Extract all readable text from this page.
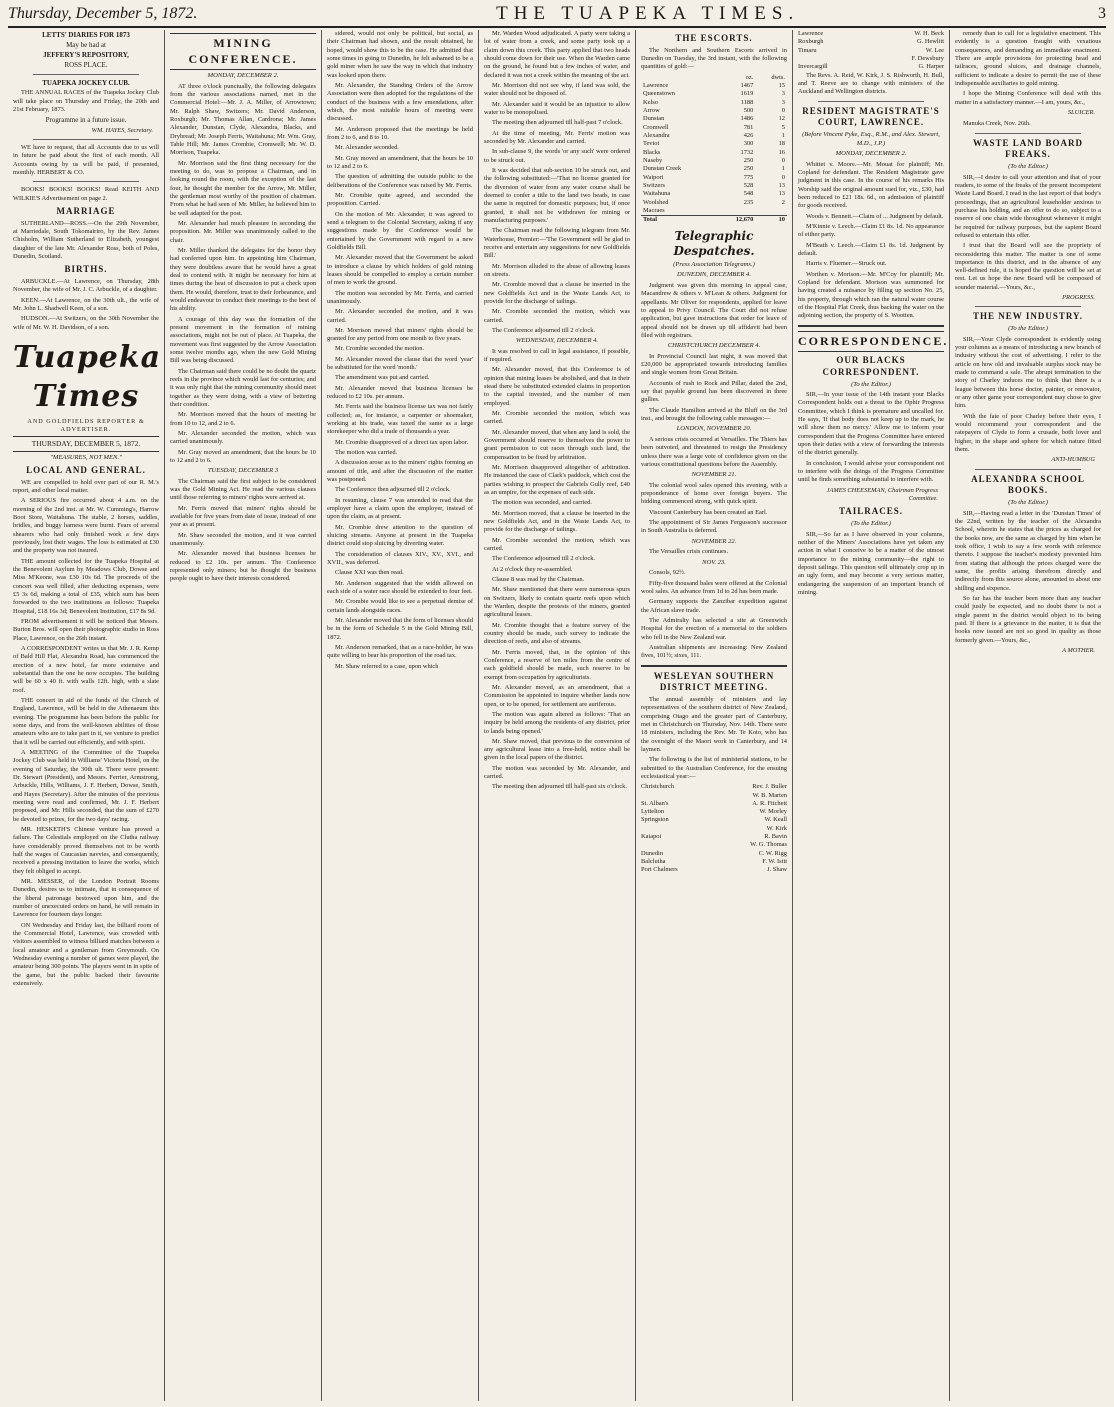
Thursday, December 5, 1872.	THE TUAPEKA TIMES.	3
LETTS' DIARIES FOR 1873
May be had at
JEFFERY'S REPOSITORY,
ROSS PLACE.
TUAPEKA JOCKEY CLUB.

THE ANNUAL RACES of the Tuapeka Jockey Club will take place on Thursday and Friday, the 20th and 21st February, 1873.

Programme in a future issue.
WM. HAYES, Secretary.

WE have to request, that all Accounts due to us will in future be paid about the first of each month. All Accounts owing by us will be paid, if presented, monthly. HERBERT & CO.

BOOKS! BOOKS! BOOKS! Read KEITH AND WILKIE'S Advertisement on page 2.

MARRIAGE

SUTHERLAND—ROSS.—On the 29th November, at Marriedale, South Tokomairiro, by the Rev. James Chisholm, William Sutherland to Elizabeth, youngest daughter of the late Mr. Alexander Ross, both of Poles, Dunedin, Scotland.

BIRTHS.

ARBUCKLE.—At Lawrence, on Thursday, 28th November, the wife of Mr. J. C. Arbuckle, of a daughter.

KEEN.—At Lawrence, on the 30th ult., the wife of Mr. John L. Shadwell Keen, of a son.

HUDSON.—At Switzers, on the 30th November the wife of Mr. W. H. Davidson, of a son.

Tuapeka Times
AND GOLDFIELDS REPORTER & ADVERTISER.
THURSDAY, DECEMBER 5, 1872.
"MEASURES, NOT MEN."
LOCAL AND GENERAL.

WE are compelled to hold over part of our R. M.'s report, and other local matter.

A SERIOUS fire occurred about 4 a.m. on the morning of the 2nd inst. at Mr. W. Cumming's, Harrow Boot Store, Waitahuna. The stable, 2 horses, saddles, bridles, and buggy harness were burnt. Fears of several shearers who had only finished work a few days previously, lost their wages. The loss is estimated at £30 and the property was not insured.

THE amount collected for the Tuapeka Hospital at the Benevolent Asylum by Meadows Club, Dowse and Miss M'Keone, was £30 10s 6d. The proceeds of the concert was well filled, after deducting expenses, were £5 3s 6d, making a total of £35, which sum has been forwarded to the two institutions as follows: Tuapeka Hospital, £18 16s 3d; Benevolent Institution, £17 8s 9d.

FROM advertisement it will be noticed that Messrs. Burton Bros. will open their photographic studio in Ross Place, Lawrence, on the 26th instant.

A CORRESPONDENT writes us that Mr. J. R. Kemp of Bald Hill Flat, Alexandra Road, has commenced the erection of a new hotel, far more extensive and substantial than the one he now occupies. The building will be 60 x 40 ft. with walls 12ft. high, with a slate roof.

THE concert in aid of the funds of the Church of England, Lawrence, will be held in the Athenaeum this evening. The programme has been before the public for some days, and from the well-known abilities of those amateurs who are to take part in it, we venture to predict that it will be carried out efficiently, and with spirit.

A MEETING of the Committee of the Tuapeka Jockey Club was held in Williams' Victoria Hotel, on the evening of Saturday, the 30th ult. There were present: Dr. Stewart (President), and Messrs. Ferrier, Armstrong, Arbuckle, Hills, Williams, J. F. Herbert, Dowse, Smith, and Hayes (Secretary). After the minutes of the previous meeting were read and confirmed, Mr. J. F. Herbert proposed, and Mr. Hills seconded, that the sum of £270 be devoted to prizes, for the two days' racing.

MR. HESKETH'S Chinese venture has proved a failure. The Celestials employed on the Clutha railway have considerably proved themselves not to be worth half the wages of Caucasian navvies, and consequently, received a pressing invitation to leave the works, which they felt obliged to accept.

MR. MESSER, of the London Portrait Rooms Dunedin, desires us to intimate, that in consequence of the liberal patronage bestowed upon him, and the number of unexecuted orders on hand, he will remain in Lawrence for fourteen days longer.

ON Wednesday and Friday last, the billiard room of the Commercial Hotel, Lawrence, was crowded with visitors assembled to witness billiard matches between a local amateur and a gentleman from Greymouth. On Wednesday evening a number of games were played, the amateur being 300 points. The players went in in spite of the game, but the public backed their favourite extensively.

MINING CONFERENCE.
MONDAY, DECEMBER 2.

AT three o'clock punctually, the following delegates from the various associations named, met in the Commercial Hotel:—Mr. J. A. Miller, of Arrowtown; Mr. Ralph Shaw, Switzers; Mr. David Anderson, Roxburgh; Mr. Thomas Allan, Cardrona; Mr. James Alexander, Dunstan, Clyde, Alexandra, Blacks, and Drybread; Mr. Joseph Ferris, Waitahuna; Mr. Wm. Gray, Table Hill; Mr. James Crombie, Cromwell; Mr. W. D. Morrison, Tuapeka.

Mr. Morrison said the first thing necessary for the meeting to do, was to propose a Chairman, and in looking round the room, with the exception of the last four, he thought the member for the Arrow, Mr. Miller, the gentleman most worthy of the position of chairman. From what he had seen of Mr. Miller, he believed him to be well adapted for the post.

Mr. Alexander had much pleasure in seconding the proposition. Mr. Miller was unanimously called to the chair.

Mr. Miller thanked the delegates for the honor they had conferred upon him. In appointing him Chairman, they were doubtless aware that he would have a great deal to contend with. It might be necessary for him at times during the heat of discussion to put a check upon them. He would, therefore, trust to their forbearance, and would endeavour to conduct their meetings to the best of his ability.

A courage of this day was the formation of the present movement in the formation of mining associations, might not be out of place. At Tuapeka, the movement was first suggested by the Arrow Association some twelve months ago, when the new Gold Mining Bill was being discussed.

The Chairman said there could be no doubt the quartz reefs in the province which would last for centuries; and it was only right that the mining community should meet together as they were doing, with a view of bettering their condition.

Mr. Morrison moved that the hours of meeting be from 10 to 12, and 2 to 6.

Mr. Alexander seconded the motion, which was carried unanimously.

Mr. Gray moved an amendment, that the hours be 10 to 12 and 2 to 6.

TUESDAY, DECEMBER 3

The Chairman said the first subject to be considered was the Gold Mining Act. He read the various clauses until those referring to miners' rights were arrived at.

Mr. Ferris moved that miners' rights should be available for five years from date of issue, instead of one year as at present.

Mr. Shaw seconded the motion, and it was carried unanimously.

Mr. Alexander moved that business licenses be reduced to £2 10s. per annum. The Conference represented only miners; but he thought the business people ought to have their interests considered.

sidered, would not only be political, but social, as their Chairman had shown, and the result obtained, he hoped, would show this to be the case. He admitted that some times in going to Dunedin, he felt ashamed to be a gold miner when he saw the way in which that industry was looked upon there.

Mr. Alexander, the Standing Orders of the Arrow Association were then adopted for the regulations of the conduct of the business with a few emendations, after which, the most suitable hours of meeting were discussed.

Mr. Anderson proposed that the meetings be held from 2 to 6, and 8 to 10.

Mr. Alexander seconded.

Mr. Gray moved an amendment, that the hours be 10 to 12 and 2 to 6.

The question of admitting the outside public to the deliberations of the Conference was raised by Mr. Ferris.

Mr. Crombie quite agreed, and seconded the proposition. Carried.

On the motion of Mr. Alexander, it was agreed to send a telegram to the Colonial Secretary, asking if any suggestions made by the Conference would be entertained by the Government with regard to a new Goldfields Bill.

Mr. Alexander moved that the Government be asked to introduce a clause by which holders of gold mining leases should be compelled to employ a certain number of men to work the ground.

The motion was seconded by Mr. Ferris, and carried unanimously.

Mr. Alexander seconded the motion, and it was carried.

Mr. Morrison moved that miners' rights should be granted for any period from one month to five years.

Mr. Crombie seconded the motion.

Mr. Alexander moved the clause that the word 'year' be substituted for the word 'month.'

The amendment was put and carried.

Mr. Alexander moved that business licenses be reduced to £2 10s. per annum.

Mr. Ferris said the business license tax was not fairly collected; as, for instance, a carpenter or shoemaker, working at his trade, was taxed the same as a large storekeeper who did a trade of thousands a year.

Mr. Crombie disapproved of a direct tax upon labor.

The motion was carried.

A discussion arose as to the miners' rights forming an amount of title, and after the discussion of the matter was postponed.

The Conference then adjourned till 2 o'clock.

In resuming, clause 7 was amended to read that the employer have a claim upon the employer, instead of upon the claim, as at present.

Mr. Crombie drew attention to the question of sluicing streams. Anyone at present in the Tuapeka district could stop sluicing by diverting water.

The consideration of clauses XIV., XV., XVI., and XVII., was deferred.

Clause XXI was then read.

Mr. Anderson suggested that the width allowed on each side of a water race should be extended to four feet.

Mr. Crombie would like to see a perpetual demise of certain lands alongside races.

Mr. Alexander moved that the form of licenses should be in the form of Schedule 5 in the Gold Mining Bill, 1872.

Mr. Anderson remarked, that as a race-holder, he was quite willing to bear his proportion of the road tax.

Mr. Shaw referred to a case, upon which

Mr. Warden Wood adjudicated. A party were taking a lot of water from a creek, and some party took up a claim down this creek. This party applied that two heads should come down for their use. When the Warden came on the ground, he found but a few inches of water, and declared it was not a creek within the meaning of the act.

Mr. Morrison did not see why, if land was sold, the water should not be disposed of.

Mr. Alexander said it would be an injustice to allow water to be monopolised.

The meeting then adjourned till half-past 7 o'clock.

At the time of meeting, Mr. Ferris' motion was seconded by Mr. Alexander and carried.

In sub-clause 9, the words 'or any such' were ordered to be struck out.

It was decided that sub-section 10 be struck out, and the following substituted:—'That no license granted for the diversion of water from any water course shall be deemed to confer a title to the land two heads, in case the same is required for domestic purposes; but, if once granted, it shall not be withdrawn for mining or manufacturing purposes.'

The Chairman read the following telegram from Mr. Waterhouse, Premier:—'The Government will be glad to receive and entertain any suggestions for new Goldfields Bill.'

Mr. Morrison alluded to the abuse of allowing leases on streets.

Mr. Crombie moved that a clause be inserted in the new Goldfields Act and in the Waste Lands Act, to provide for the discharge of tailings.

Mr. Crombie seconded the motion, which was carried.

The Conference adjourned till 2 o'clock.

WEDNESDAY, DECEMBER 4.

It was resolved to call in legal assistance, if possible, if required.

Mr. Alexander moved, that this Conference is of opinion that mining leases be abolished, and that in their stead there be substituted extended claims in proportion to the capital invested, and the number of men employed.

Mr. Crombie seconded the motion, which was carried.

Mr. Alexander moved, that when any land is sold, the Government should reserve to themselves the power to grant permission to cut races through such land, the compensation to be fixed by arbitration.

Mr. Morrison disapproved altogether of arbitration. He instanced the case of Clark's paddock, which cost the parties wishing to prospect the Gabriels Gully reef, £40 as an umpire, for the expenses of each side.

The motion was seconded, and carried.

Mr. Morrison moved, that a clause be inserted in the new Goldfields Act, and in the Waste Lands Act, to provide for the discharge of tailings.

Mr. Crombie seconded the motion, which was carried.

The Conference adjourned till 2 o'clock.

At 2 o'clock they re-assembled.

Clause 8 was read by the Chairman.

Mr. Shaw mentioned that there were numerous spurs on Switzers, likely to contain quartz reefs upon which the Warden, despite the protests of the miners, granted agricultural leases.

Mr. Crombie thought that a feature survey of the country should be made, such survey to indicate the direction of reefs, and also of streams.

Mr. Ferris moved, that, in the opinion of this Conference, a reserve of ten miles from the centre of each goldfield should be made, such reserve to be exempt from occupation by agriculturists.

Mr. Alexander moved, as an amendment, that a Commission be appointed to inquire whether lands now open, or to be opened, for settlement are auriferous.

The motion was again altered as follows: 'That an inquiry be held among the residents of any district, prior to lands being opened.'

Mr. Shaw moved, that previous to the conversion of any agricultural lease into a free-hold, notice shall be given in the local papers of the district.

The motion was seconded by Mr. Alexander, and carried.

The meeting then adjourned till half-past six o'clock.

THE ESCORTS.

The Northern and Southern Escorts arrived in Dunedin on Tuesday, the 3rd instant, with the following quantities of gold:—

	oz.	dwts.
Lawrence	1467	15
Queenstown	1619	3
Kelso	1188	3
Arrow	500	0
Dunstan	1486	12
Cromwell	781	5
Alexandra	426	1
Teviot	300	18
Blacks	1732	16
Naseby	250	0
Dunstan Creek	250	1
Waipori	775	0
Switzers	528	13
Waitahuna	548	13
Woolshed	235	2
Macraes		
Total	12,670	10
Telegraphic Despatches.
(Press Association Telegrams.)
DUNEDIN, DECEMBER 4.

Judgment was given this morning in appeal case, Macandrew & others v. M'Lean & others. Judgment for appellants. Mr Oliver for respondents, applied for leave to appeal to Privy Council. The Court did not refuse application, but gave instructions that order for leave of appeal should not be drawn up till affidavit had been filed with registrars.

CHRISTCHURCH DECEMBER 4.

In Provincial Council last night, it was moved that £20,000 be appropriated towards introducing families and single women from Great Britain.

Accounts of rush to Rock and Pillar, dated the 2nd, say that payable ground has been discovered in three gullies.

The Claude Hamilton arrived at the Bluff on the 3rd inst., and brought the following cable messages:—

LONDON, NOVEMBER 20.

A serious crisis occurred at Versailles. The Thiers has been outvoted, and threatened to resign the Presidency unless there was a large vote of confidence given on the various constitutional questions before the Assembly.

NOVEMBER 21.

The colonial wool sales opened this evening, with a preponderance of home over foreign buyers. The bidding commenced strong, with quick spirit.

Viscount Canterbury has been created an Earl.

The appointment of Sir James Fergusson's successor in South Australia is deferred.

NOVEMBER 22.

The Versailles crisis continues.

NOV. 23.

Consols, 92½.

Fifty-five thousand bales were offered at the Colonial wool sales. An advance from 1d to 2d has been made.

Germany supports the Zanzibar expedition against the African slave trade.

The Admiralty has selected a site at Greenwich Hospital for the erection of a memorial to the soldiers who fell in the New Zealand war.

Australian shipments are increasing: New Zealand fives, 101½; sixes, 111.

WESLEYAN SOUTHERN DISTRICT MEETING.

The annual assembly of ministers and lay representatives of the southern district of New Zealand, comprising Otago and the greater part of Canterbury, met in Christchurch on Thursday, Nov. 14th. There were 18 ministers, including the Rev. Mr. Te Koto, who has the oversight of the Maori work in Canterbury, and 14 laymen.

The following is the list of ministerial stations, to be submitted to the Australian Conference, for the ensuing ecclesiastical year:—

Christchurch	Rev. J. Buller
W. B. Marten
St. Alban's	A. R. Fitchett
Lyttelton	W. Morley
Springston	W. Keall
W. Kirk
Kaiapoi	R. Bavin
W. G. Thomas
Dunedin	C. W. Rigg
Balclutha	F. W. Isitt
Port Chalmers	J. Shaw
Lawrence	W. H. Beck
Roxburgh	G. Hewlitt
Timaru	W. Lee
F. Dewsbury
Invercargill	G. Harper

The Revs. A. Reid, W. Kirk, J. S. Rishworth, H. Bull, and T. Reeve are to change with ministers of the Auckland and Wellington districts.

RESIDENT MAGISTRATE'S COURT, LAWRENCE.
(Before Vincent Pyke, Esq., R.M., and Alex. Stewart, M.D., J.P.)
MONDAY, DECEMBER 2.

Whittet v. Moore.—Mr. Mouat for plaintiff; Mr. Copland for defendant. The Resident Magistrate gave judgment in this case. In the course of his remarks His Worship said the original amount sued for, viz., £30, had been reduced to £21 18s. 6d., on admission of plaintiff for goods received.

Woods v. Bennett.—Claim of ... Judgment by default.

M'Kinnie v. Leech.—Claim £1 8s. 1d. No appearance of either party.

M'Beath v. Leech.—Claim £1 8s. 1d. Judgment by default.

Harris v. Fluemer.—Struck out.

Worthen v. Morison.—Mr. M'Coy for plaintiff; Mr. Copland for defendant. Morison was summoned for having created a nuisance by filling up section No. 25, his property, through which ran the natural water course of the Hospital Flat Creek, thus backing the water on the adjoining section, the property of S. Wootten.

CORRESPONDENCE.
OUR BLACKS CORRESPONDENT.
(To the Editor.)

SIR,—In your issue of the 14th instant your Blacks Correspondent holds out a threat to the Ophir Progress Committee, which I think is premature and uncalled for. He says, 'If that body does not keep up to the mark, he will show them no mercy.' Allow me to inform your correspondent that the Progress Committee have entered upon their duties with a view of forwarding the interests of the district generally.

In conclusion, I would advise your correspondent not to interfere with the doings of the Progress Committee until he finds something substantial to interfere with.

JAMES CHEESEMAN, Chairman Progress Committee.
TAILRACES.
(To the Editor.)

SIR,—So far as I have observed in your columns, neither of the Miners' Associations have yet taken any action in what I conceive to be a matter of the utmost importance to the mining community—the right to deposit tailings. This question will ultimately crop up in an ugly form, and may become a very serious matter, endangering the suspension of an important branch of mining.

remedy than to call for a legislative enactment. This evidently is a question fraught with vexatious consequences, and demanding an immediate enactment. There are ample provisions for protecting head and tailraces, ground sluices, and drainage channels, sufficient to indicate a desire to permit the use of these indispensable auxiliaries to gold mining.

I hope the Mining Conference will deal with this matter in a satisfactory manner.—I am, yours, &c.,

SLUICER.

Manuka Creek, Nov. 26th.

WASTE LAND BOARD FREAKS.
(To the Editor.)

SIR,—I desire to call your attention and that of your readers, to some of the freaks of the present incompetent Waste Land Board. I read in the last report of that body's proceedings, that an agricultural leaseholder anxious to purchase his holding, and an offer to do so, subject to a reserve of one chain wide throughout whenever it might be required for railway purposes, but the sapient Board refused to entertain this offer.

I trust that the Board will see the propriety of reconsidering this matter. The matter is one of some importance in this district, and in the absence of any well-defined rule, it is hoped the question will be set at rest. Let us hope the new Board will be composed of sounder material.—Yours, &c.,

PROGRESS.
THE NEW INDUSTRY.
(To the Editor.)

SIR,—Your Clyde correspondent is evidently using your columns as a means of introducing a new branch of industry without the cost of advertising. I refer to the article on how old and invaluable surplus stock may be made to command a sale. The abrupt termination to the story of Charley induces me to think that there is a league between this horse doctor, painter, or renovator, or any other game your correspondent may chose to give him.

With the fate of poor Charley before their eyes, I would recommend your correspondent and the ratepayers of Clyde to form a crusade, both lover and higher, in the shape and sphere for which nature fitted them.

ANTI-HUMBUG
ALEXANDRA SCHOOL BOOKS.
(To the Editor.)

SIR,—Having read a letter in the 'Dunstan Times' of the 22nd, written by the teacher of the Alexandra School, wherein he states that the prices as charged for the books now, are the same as charged by him when he took office, I wish to say a few words with reference thereto. I suppose the teacher's modesty prevented him from stating that although the prices charged were the same, the profits arising therefrom directly and indirectly from this source alone, amounted to about one shilling and sixpence.

So far has the teacher been more than any teacher could justly be expected, and no doubt there is not a single parent in the district would object to its being paid. If there is a grievance in the matter, it is that the books now issued are not so good in quality as those formerly given.—Yours, &c.,

A MOTHER.
